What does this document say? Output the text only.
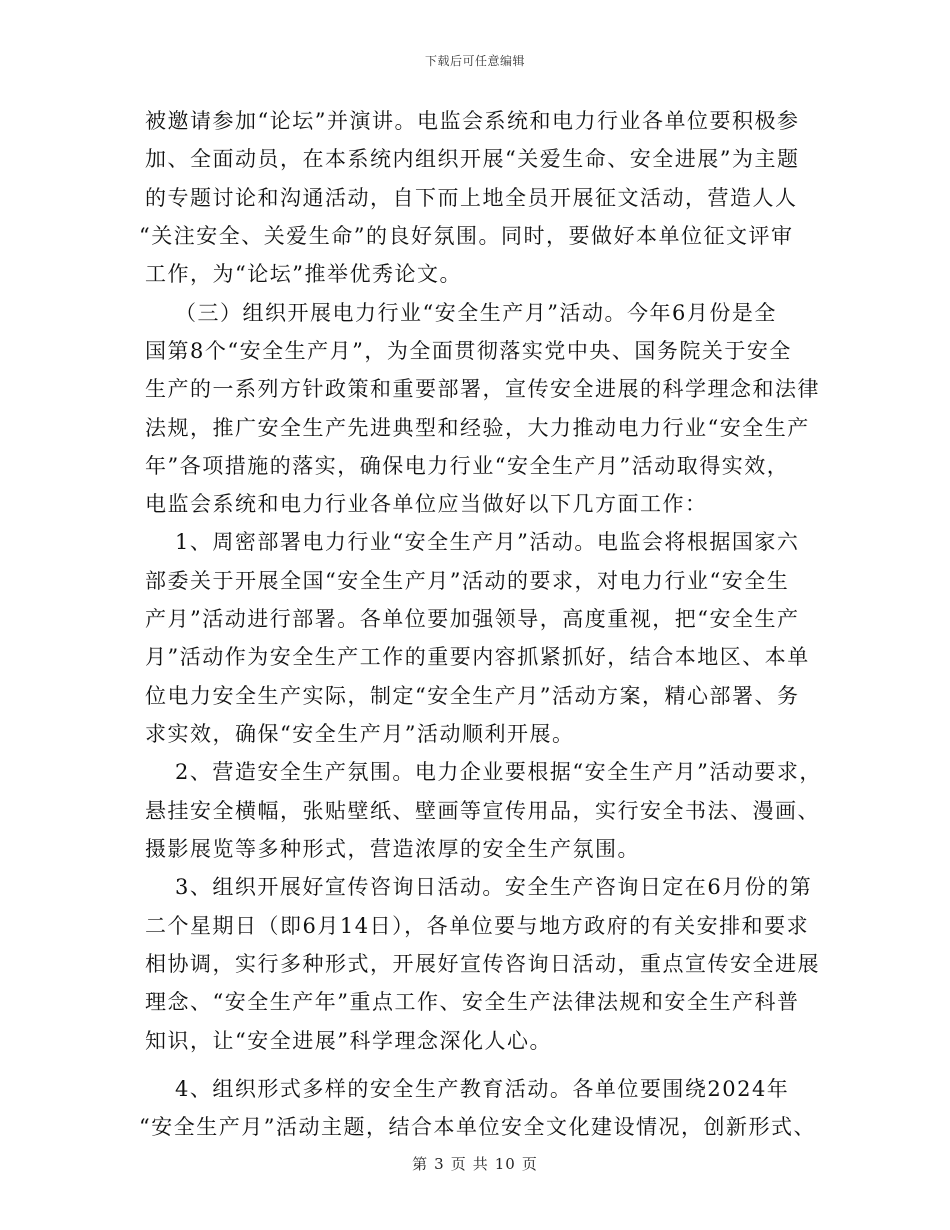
下载后可任意编辑
被邀请参加“论坛”并演讲。电监会系统和电力行业各单位要积极参
加、全面动员，在本系统内组织开展“关爱生命、安全进展”为主题
的专题讨论和沟通活动，自下而上地全员开展征文活动，营造人人
“关注安全、关爱生命”的良好氛围。同时，要做好本单位征文评审
工作，为“论坛”推举优秀论文。
（三）组织开展电力行业“安全生产月”活动。今年6月份是全
国第8个“安全生产月”，为全面贯彻落实党中央、国务院关于安全
生产的一系列方针政策和重要部署，宣传安全进展的科学理念和法律
法规，推广安全生产先进典型和经验，大力推动电力行业“安全生产
年”各项措施的落实，确保电力行业“安全生产月”活动取得实效，
电监会系统和电力行业各单位应当做好以下几方面工作：
1、周密部署电力行业“安全生产月”活动。电监会将根据国家六
部委关于开展全国“安全生产月”活动的要求，对电力行业“安全生
产月”活动进行部署。各单位要加强领导，高度重视，把“安全生产
月”活动作为安全生产工作的重要内容抓紧抓好，结合本地区、本单
位电力安全生产实际，制定“安全生产月”活动方案，精心部署、务
求实效，确保“安全生产月”活动顺利开展。
2、营造安全生产氛围。电力企业要根据“安全生产月”活动要求，
悬挂安全横幅，张贴壁纸、壁画等宣传用品，实行安全书法、漫画、
摄影展览等多种形式，营造浓厚的安全生产氛围。
3、组织开展好宣传咨询日活动。安全生产咨询日定在6月份的第
二个星期日（即6月14日），各单位要与地方政府的有关安排和要求
相协调，实行多种形式，开展好宣传咨询日活动，重点宣传安全进展
理念、“安全生产年”重点工作、安全生产法律法规和安全生产科普
知识，让“安全进展”科学理念深化人心。
4、组织形式多样的安全生产教育活动。各单位要围绕2024年
“安全生产月”活动主题，结合本单位安全文化建设情况，创新形式、
第 3 页 共 10 页
